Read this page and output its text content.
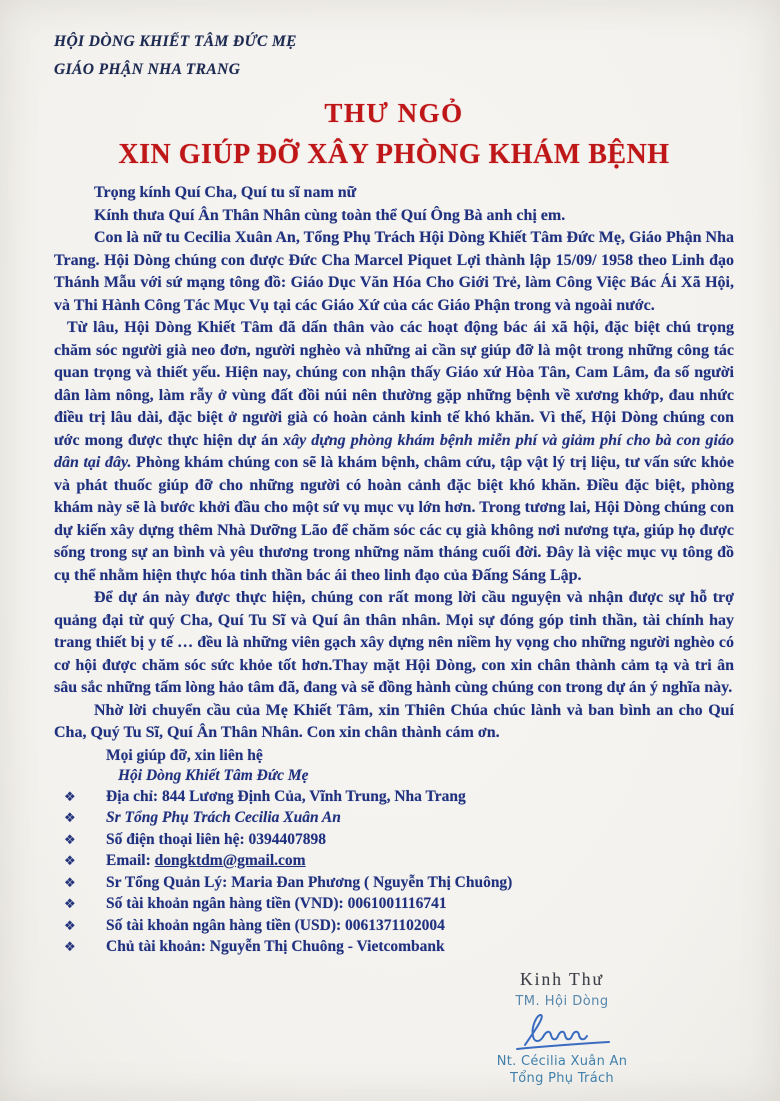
HỘI DÒNG KHIẾT TÂM ĐỨC MẸ
GIÁO PHẬN NHA TRANG
THƯ NGỎ
XIN GIÚP ĐỠ XÂY PHÒNG KHÁM BỆNH

Trọng kính Quí Cha, Quí tu sĩ nam nữ

Kính thưa Quí Ân Thân Nhân cùng toàn thể Quí Ông Bà anh chị em.

Con là nữ tu Cecilia Xuân An, Tổng Phụ Trách Hội Dòng Khiết Tâm Đức Mẹ, Giáo Phận Nha Trang. Hội Dòng chúng con được Đức Cha Marcel Piquet Lợi thành lập 15/09/ 1958 theo Linh đạo Thánh Mẫu với sứ mạng tông đồ: Giáo Dục Văn Hóa Cho Giới Trẻ, làm Công Việc Bác Ái Xã Hội, và Thi Hành Công Tác Mục Vụ tại các Giáo Xứ của các Giáo Phận trong và ngoài nước.

Từ lâu, Hội Dòng Khiết Tâm đã dấn thân vào các hoạt động bác ái xã hội, đặc biệt chú trọng chăm sóc người già neo đơn, người nghèo và những ai cần sự giúp đỡ là một trong những công tác quan trọng và thiết yếu. Hiện nay, chúng con nhận thấy Giáo xứ Hòa Tân, Cam Lâm, đa số người dân làm nông, làm rẫy ở vùng đất đồi núi nên thường gặp những bệnh về xương khớp, đau nhức điều trị lâu dài, đặc biệt ở người già có hoàn cảnh kinh tế khó khăn. Vì thế, Hội Dòng chúng con ước mong được thực hiện dự án xây dựng phòng khám bệnh miễn phí và giảm phí cho bà con giáo dân tại đây. Phòng khám chúng con sẽ là khám bệnh, châm cứu, tập vật lý trị liệu, tư vấn sức khỏe và phát thuốc giúp đỡ cho những người có hoàn cảnh đặc biệt khó khăn. Điều đặc biệt, phòng khám này sẽ là bước khởi đầu cho một sứ vụ mục vụ lớn hơn. Trong tương lai, Hội Dòng chúng con dự kiến xây dựng thêm Nhà Dưỡng Lão để chăm sóc các cụ già không nơi nương tựa, giúp họ được sống trong sự an bình và yêu thương trong những năm tháng cuối đời. Đây là việc mục vụ tông đồ cụ thể nhằm hiện thực hóa tinh thần bác ái theo linh đạo của Đấng Sáng Lập.

Để dự án này được thực hiện, chúng con rất mong lời cầu nguyện và nhận được sự hỗ trợ quảng đại từ quý Cha, Quí Tu Sĩ và Quí ân thân nhân. Mọi sự đóng góp tinh thần, tài chính hay trang thiết bị y tế … đều là những viên gạch xây dựng nên niềm hy vọng cho những người nghèo có cơ hội được chăm sóc sức khỏe tốt hơn.Thay mặt Hội Dòng, con xin chân thành cảm tạ và tri ân sâu sắc những tấm lòng hảo tâm đã, đang và sẽ đồng hành cùng chúng con trong dự án ý nghĩa này.

Nhờ lời chuyển cầu của Mẹ Khiết Tâm, xin Thiên Chúa chúc lành và ban bình an cho Quí Cha, Quý Tu Sĩ, Quí Ân Thân Nhân. Con xin chân thành cám ơn.

Mọi giúp đỡ, xin liên hệ

Hội Dòng Khiết Tâm Đức Mẹ

❖	Địa chỉ: 844 Lương Định Của, Vĩnh Trung, Nha Trang

❖	Sr Tổng Phụ Trách Cecilia Xuân An

❖	Số điện thoại liên hệ: 0394407898

❖	Email: dongktdm@gmail.com

❖	Sr Tổng Quản Lý: Maria Đan Phương ( Nguyễn Thị Chuông)

❖	Số tài khoản ngân hàng tiền (VND): 0061001116741

❖	Số tài khoản ngân hàng tiền (USD): 0061371102004

❖	Chủ tài khoản: Nguyễn Thị Chuông - Vietcombank

Kinh Thư
TM. Hội Dòng
Nt. Cécilia Xuân An
Tổng Phụ Trách
